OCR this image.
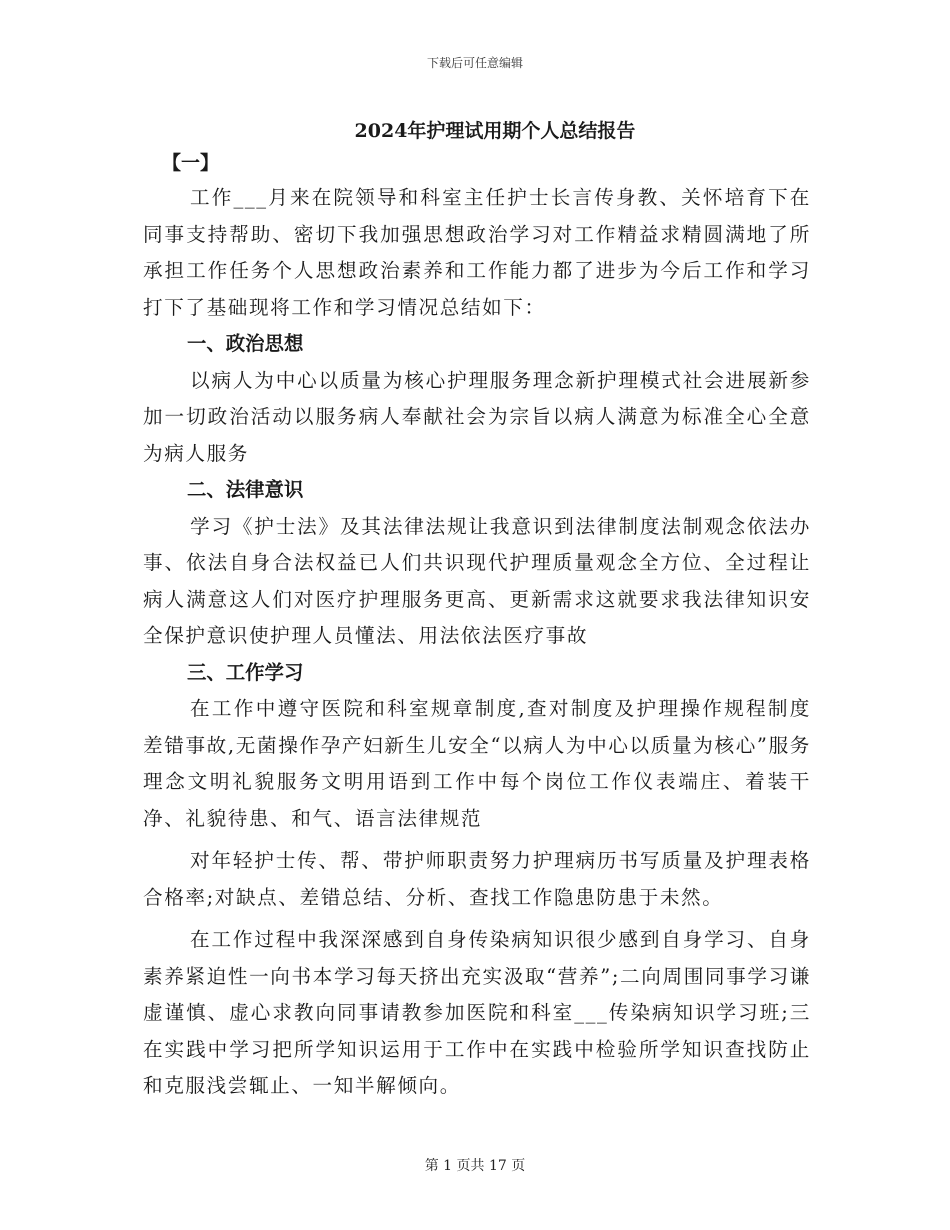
下载后可任意编辑
2024年护理试用期个人总结报告
【一】

工作___月来在院领导和科室主任护士长言传身教、关怀培育下在同事支持帮助、密切下我加强思想政治学习对工作精益求精圆满地了所承担工作任务个人思想政治素养和工作能力都了进步为今后工作和学习打下了基础现将工作和学习情况总结如下：

一、政治思想

以病人为中心以质量为核心护理服务理念新护理模式社会进展新参加一切政治活动以服务病人奉献社会为宗旨以病人满意为标准全心全意为病人服务

二、法律意识

学习《护士法》及其法律法规让我意识到法律制度法制观念依法办事、依法自身合法权益已人们共识现代护理质量观念全方位、全过程让病人满意这人们对医疗护理服务更高、更新需求这就要求我法律知识安全保护意识使护理人员懂法、用法依法医疗事故

三、工作学习

在工作中遵守医院和科室规章制度,查对制度及护理操作规程制度差错事故,无菌操作孕产妇新生儿安全“以病人为中心以质量为核心”服务理念文明礼貌服务文明用语到工作中每个岗位工作仪表端庄、着装干净、礼貌待患、和气、语言法律规范

对年轻护士传、帮、带护师职责努力护理病历书写质量及护理表格合格率;对缺点、差错总结、分析、查找工作隐患防患于未然。

在工作过程中我深深感到自身传染病知识很少感到自身学习、自身素养紧迫性一向书本学习每天挤出充实汲取“营养”;二向周围同事学习谦虚谨慎、虚心求教向同事请教参加医院和科室___传染病知识学习班;三在实践中学习把所学知识运用于工作中在实践中检验所学知识查找防止和克服浅尝辄止、一知半解倾向。

第 1 页共 17 页
